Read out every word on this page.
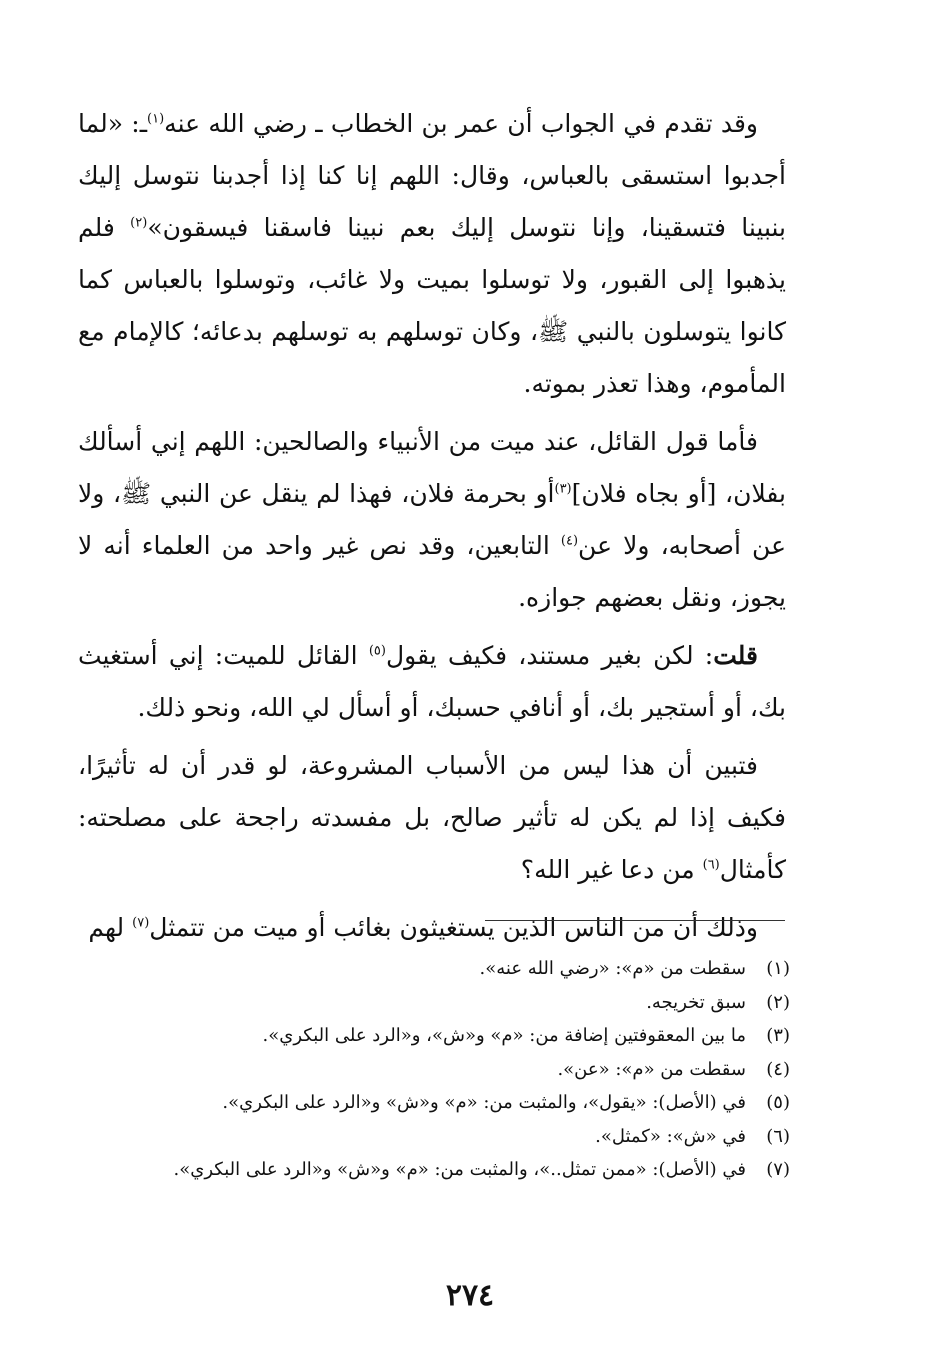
وقد تقدم في الجواب أن عمر بن الخطاب ـ رضي الله عنه$^{(١)}$ـ: «لما أجدبوا استسقى بالعباس، وقال: اللهم إنا كنا إذا أجدبنا نتوسل إليك بنبينا فتسقينا، وإنا نتوسل إليك بعم نبينا فاسقنا فيسقون»$^{(٢)}$ فلم يذهبوا إلى القبور، ولا توسلوا بميت ولا غائب، وتوسلوا بالعباس كما كانوا يتوسلون بالنبي ﷺ، وكان توسلهم به توسلهم بدعائه؛ كالإمام مع المأموم، وهذا تعذر بموته.

فأما قول القائل، عند ميت من الأنبياء والصالحين: اللهم إني أسألك بفلان، [أو بجاه فلان]$^{(٣)}$أو بحرمة فلان، فهذا لم ينقل عن النبي ﷺ، ولا عن أصحابه، ولا عن$^{(٤)}$ التابعين، وقد نص غير واحد من العلماء أنه لا يجوز، ونقل بعضهم جوازه.

قلت: لكن بغير مستند، فكيف يقول$^{(٥)}$ القائل للميت: إني أستغيث بك، أو أستجير بك، أو أنافي حسبك، أو أسأل لي الله، ونحو ذلك.

فتبين أن هذا ليس من الأسباب المشروعة، لو قدر أن له تأثيرًا، فكيف إذا لم يكن له تأثير صالح، بل مفسدته راجحة على مصلحته: كأمثال$^{(٦)}$ من دعا غير الله؟

وذلك أن من الناس الذين يستغيثون بغائب أو ميت من تتمثل$^{(٧)}$ لهم

(١)
سقطت من «م»: «رضي الله عنه».
(٢)
سبق تخريجه.
(٣)
ما بين المعقوفتين إضافة من: «م» و«ش»، و«الرد على البكري».
(٤)
سقطت من «م»: «عن».
(٥)
في (الأصل): «يقول»، والمثبت من: «م» و«ش» و«الرد على البكري».
(٦)
في «ش»: «كمثل».
(٧)
في (الأصل): «ممن تمثل..»، والمثبت من: «م» و«ش» و«الرد على البكري».
٢٧٤
